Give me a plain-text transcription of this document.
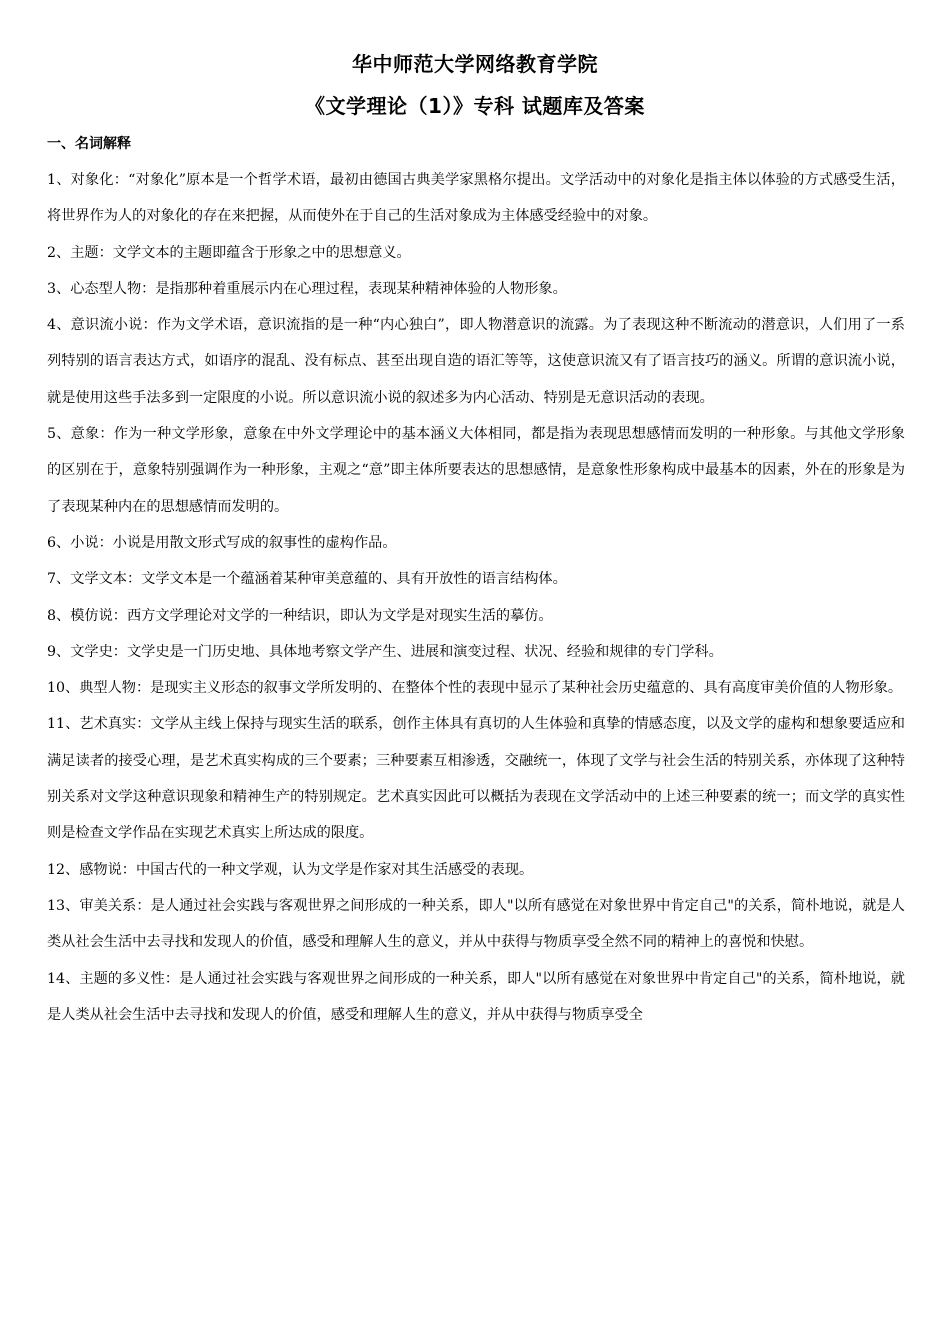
华中师范大学网络教育学院
《文学理论（1）》专科 试题库及答案
一、名词解释

1、对象化：“对象化”原本是一个哲学术语，最初由德国古典美学家黑格尔提出。文学活动中的对象化是指主体以体验的方式感受生活，将世界作为人的对象化的存在来把握，从而使外在于自己的生活对象成为主体感受经验中的对象。

2、主题：文学文本的主题即蕴含于形象之中的思想意义。

3、心态型人物：是指那种着重展示内在心理过程，表现某种精神体验的人物形象。

4、意识流小说：作为文学术语，意识流指的是一种“内心独白”，即人物潜意识的流露。为了表现这种不断流动的潜意识，人们用了一系列特别的语言表达方式，如语序的混乱、没有标点、甚至出现自造的语汇等等，这使意识流又有了语言技巧的涵义。所谓的意识流小说，就是使用这些手法多到一定限度的小说。所以意识流小说的叙述多为内心活动、特别是无意识活动的表现。

5、意象：作为一种文学形象，意象在中外文学理论中的基本涵义大体相同，都是指为表现思想感情而发明的一种形象。与其他文学形象的区别在于，意象特别强调作为一种形象，主观之“意”即主体所要表达的思想感情，是意象性形象构成中最基本的因素，外在的形象是为了表现某种内在的思想感情而发明的。

6、小说：小说是用散文形式写成的叙事性的虚构作品。

7、文学文本：文学文本是一个蕴涵着某种审美意蕴的、具有开放性的语言结构体。

8、模仿说：西方文学理论对文学的一种结识，即认为文学是对现实生活的摹仿。

9、文学史：文学史是一门历史地、具体地考察文学产生、进展和演变过程、状况、经验和规律的专门学科。

10、典型人物：是现实主义形态的叙事文学所发明的、在整体个性的表现中显示了某种社会历史蕴意的、具有高度审美价值的人物形象。

11、艺术真实：文学从主线上保持与现实生活的联系，创作主体具有真切的人生体验和真挚的情感态度，以及文学的虚构和想象要适应和满足读者的接受心理，是艺术真实构成的三个要素；三种要素互相渗透，交融统一，体现了文学与社会生活的特别关系，亦体现了这种特别关系对文学这种意识现象和精神生产的特别规定。艺术真实因此可以概括为表现在文学活动中的上述三种要素的统一；而文学的真实性则是检查文学作品在实现艺术真实上所达成的限度。

12、感物说：中国古代的一种文学观，认为文学是作家对其生活感受的表现。

13、审美关系：是人通过社会实践与客观世界之间形成的一种关系，即人"以所有感觉在对象世界中肯定自己"的关系，简朴地说，就是人类从社会生活中去寻找和发现人的价值，感受和理解人生的意义，并从中获得与物质享受全然不同的精神上的喜悦和快慰。

14、主题的多义性：是人通过社会实践与客观世界之间形成的一种关系，即人"以所有感觉在对象世界中肯定自己"的关系，简朴地说，就是人类从社会生活中去寻找和发现人的价值，感受和理解人生的意义，并从中获得与物质享受全
